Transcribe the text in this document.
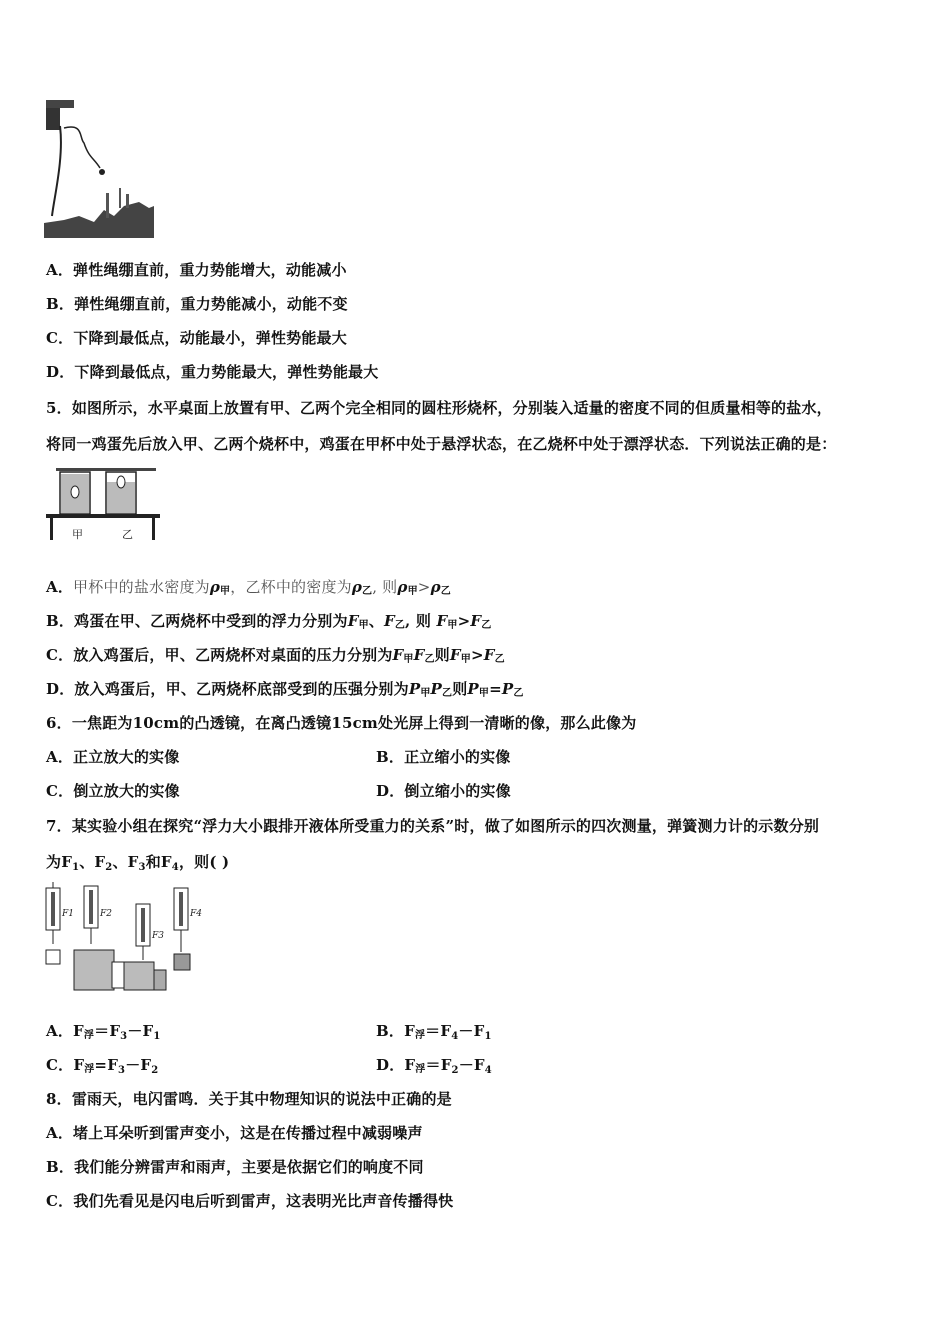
A．弹性绳绷直前，重力势能增大，动能减小
B．弹性绳绷直前，重力势能减小，动能不变
C．下降到最低点，动能最小，弹性势能最大
D．下降到最低点，重力势能最大，弹性势能最大
5．如图所示，水平桌面上放置有甲、乙两个完全相同的圆柱形烧杯，分别装入适量的密度不同的但质量相等的盐水，
将同一鸡蛋先后放入甲、乙两个烧杯中，鸡蛋在甲杯中处于悬浮状态，在乙烧杯中处于漂浮状态．下列说法正确的是：
甲	乙
A．甲杯中的盐水密度为$\rho_甲$，乙杯中的密度为$\rho_乙$, 则$\rho_甲>\rho_乙$
B．鸡蛋在甲、乙两烧杯中受到的浮力分别为$F_甲$、$F_乙$, 则 $F_甲>F_乙$
C．放入鸡蛋后，甲、乙两烧杯对桌面的压力分别为$F_甲F_乙$则$F_甲>F_乙$
D．放入鸡蛋后，甲、乙两烧杯底部受到的压强分别为$P_甲P_乙$则$P_甲=P_乙$
6．一焦距为10cm的凸透镜，在离凸透镜15cm处光屏上得到一清晰的像，那么此像为
A．正立放大的实像	B．正立缩小的实像
C．倒立放大的实像	D．倒立缩小的实像
7．某实验小组在探究“浮力大小跟排开液体所受重力的关系”时，做了如图所示的四次测量，弹簧测力计的示数分别
为$F_1$、$F_2$、$F_3$和$F_4$，则( )
F1	F2
F3
F4
A．$F_浮=F_3-F_1$	B．$F_浮=F_4-F_1$
C．$F_浮=F_3-F_2$	D．$F_浮=F_2-F_4$
8．雷雨天，电闪雷鸣．关于其中物理知识的说法中正确的是
A．堵上耳朵听到雷声变小，这是在传播过程中减弱噪声
B．我们能分辨雷声和雨声，主要是依据它们的响度不同
C．我们先看见是闪电后听到雷声，这表明光比声音传播得快
